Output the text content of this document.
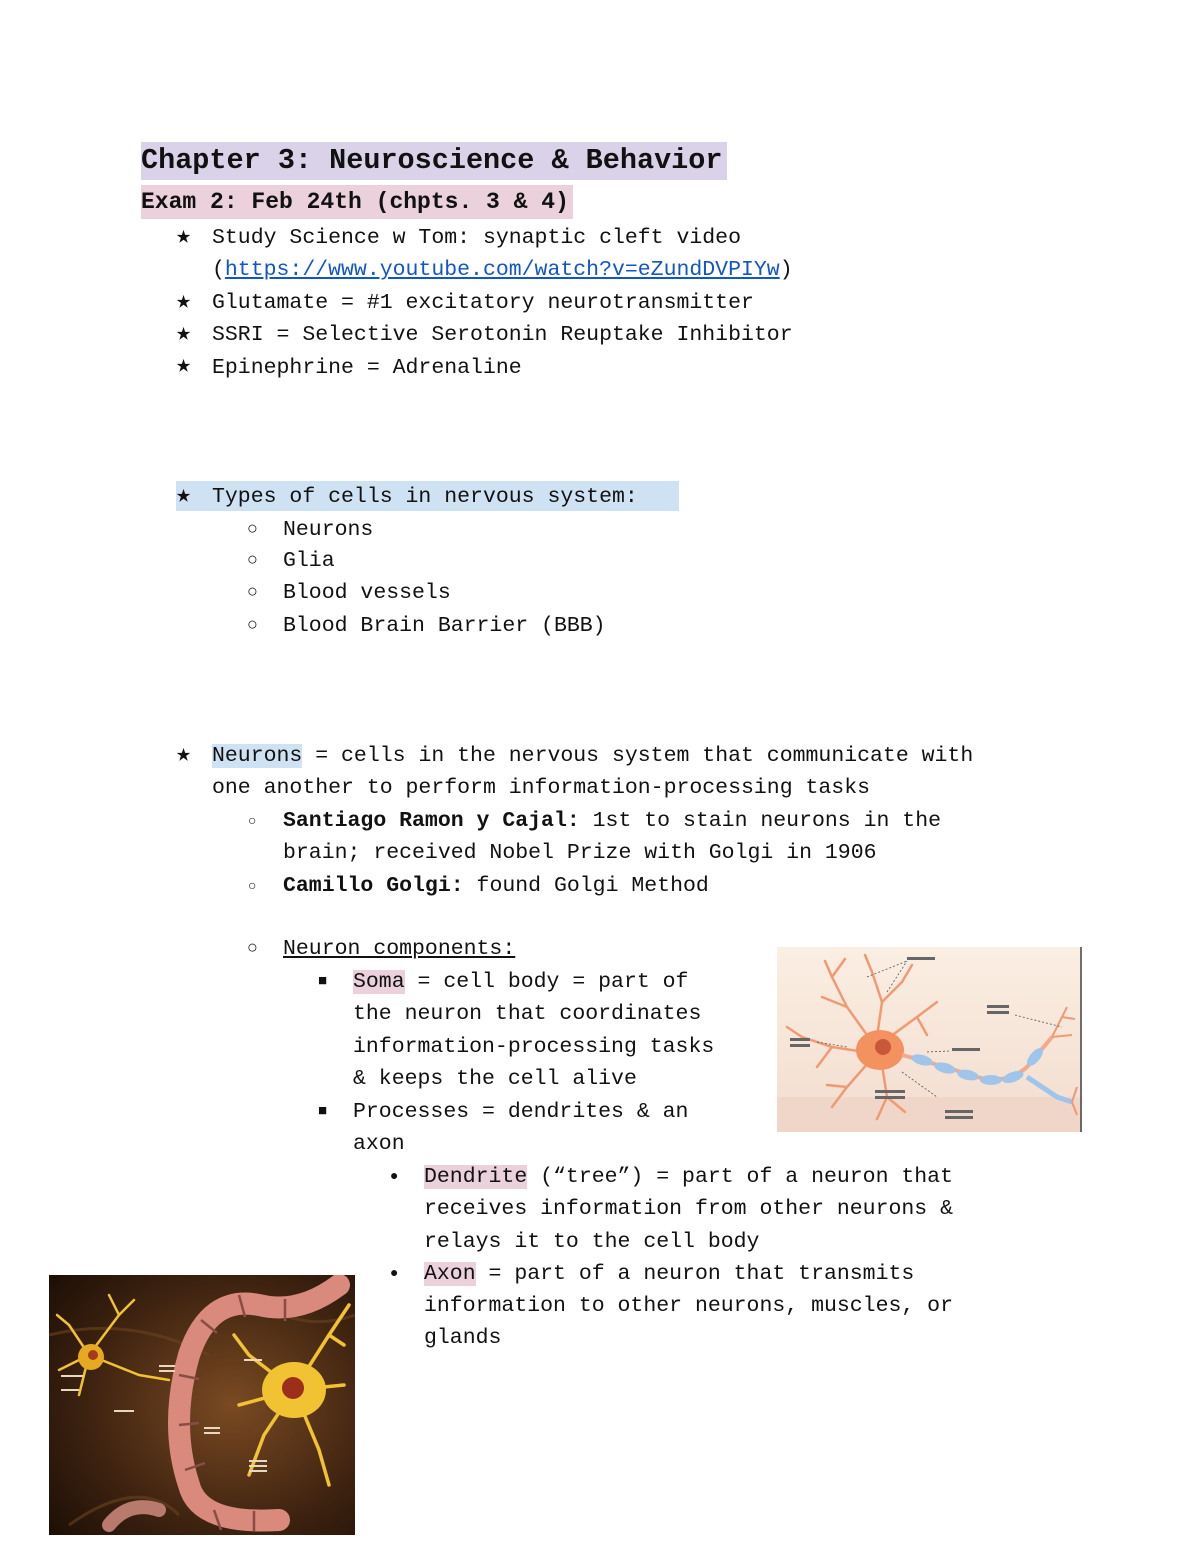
Chapter 3: Neuroscience & Behavior
Exam 2: Feb 24th (chpts. 3 & 4)
★ Study Science w Tom: synaptic cleft video
(https://www.youtube.com/watch?v=eZundDVPIYw)
★ Glutamate = #1 excitatory neurotransmitter
★ SSRI = Selective Serotonin Reuptake Inhibitor
★ Epinephrine = Adrenaline
★ Types of cells in nervous system:
○ Neurons
○ Glia
○ Blood vessels
○ Blood Brain Barrier (BBB)
★ Neurons = cells in the nervous system that communicate with
one another to perform information-processing tasks
○ Santiago Ramon y Cajal: 1st to stain neurons in the
brain; received Nobel Prize with Golgi in 1906
○ Camillo Golgi: found Golgi Method
○ Neuron components:
■ Soma = cell body = part of
the neuron that coordinates
information-processing tasks
& keeps the cell alive
■ Processes = dendrites & an
axon
● Dendrite (“tree”) = part of a neuron that
receives information from other neurons &
relays it to the cell body
● Axon = part of a neuron that transmits
information to other neurons, muscles, or
glands
